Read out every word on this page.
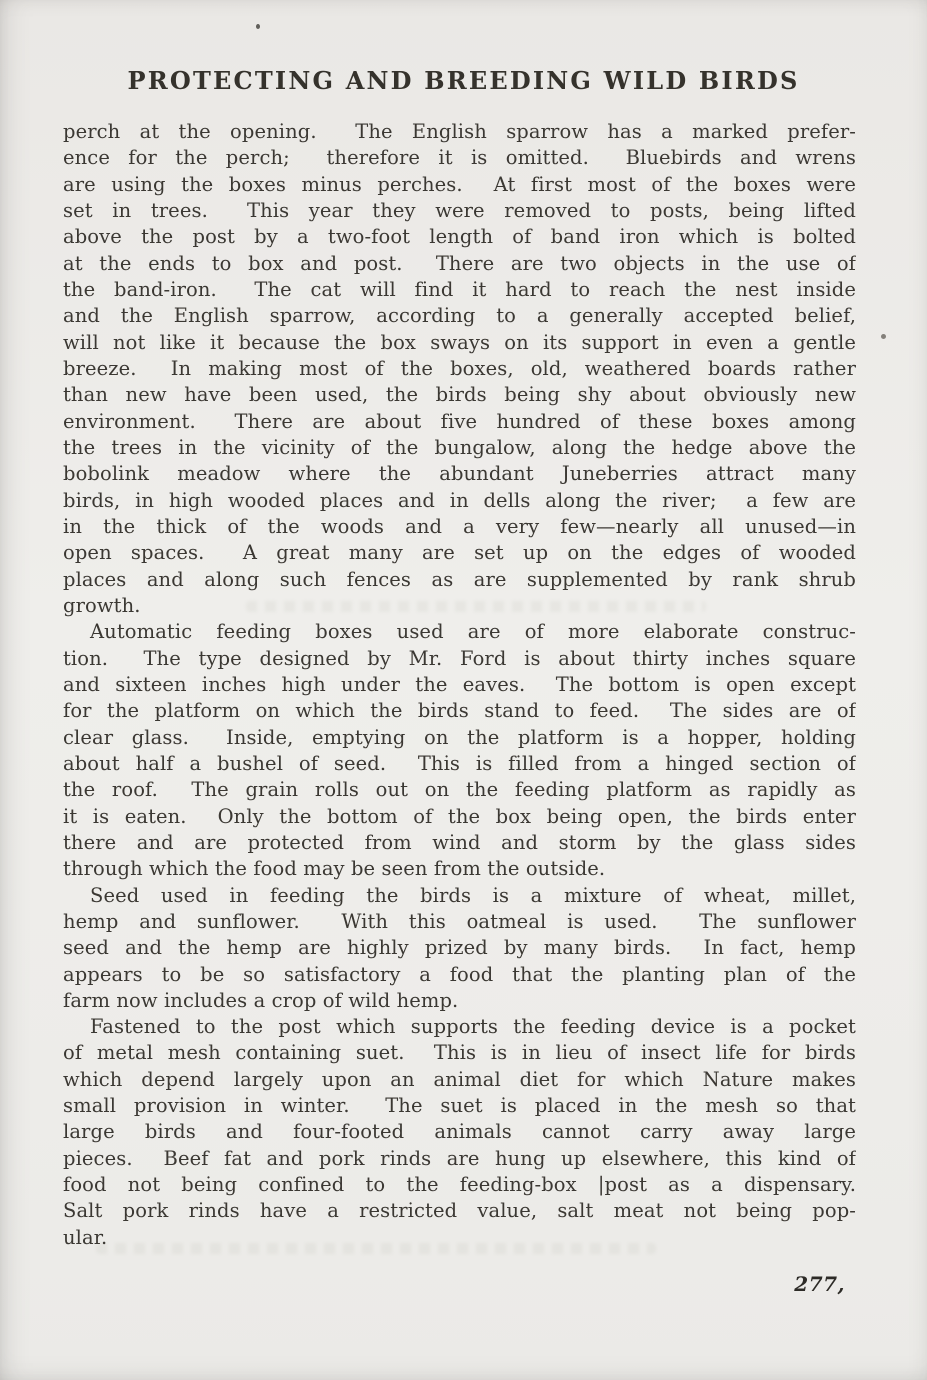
PROTECTING AND BREEDING WILD BIRDS
perch at the opening.  The English sparrow has a marked prefer-
ence for the perch;  therefore it is omitted.  Bluebirds and wrens
are using the boxes minus perches.  At first most of the boxes were
set in trees.  This year they were removed to posts, being lifted
above the post by a two-foot length of band iron which is bolted
at the ends to box and post.  There are two objects in the use of
the band-iron.  The cat will find it hard to reach the nest inside
and the English sparrow, according to a generally accepted belief,
will not like it because the box sways on its support in even a gentle
breeze.  In making most of the boxes, old, weathered boards rather
than new have been used, the birds being shy about obviously new
environment.  There are about five hundred of these boxes among
the trees in the vicinity of the bungalow, along the hedge above the
bobolink meadow where the abundant Juneberries attract many
birds, in high wooded places and in dells along the river;  a few are
in the thick of the woods and a very few—nearly all unused—in
open spaces.  A great many are set up on the edges of wooded
places and along such fences as are supplemented by rank shrub
growth.
Automatic feeding boxes used are of more elaborate construc-
tion.  The type designed by Mr. Ford is about thirty inches square
and sixteen inches high under the eaves.  The bottom is open except
for the platform on which the birds stand to feed.  The sides are of
clear glass.  Inside, emptying on the platform is a hopper, holding
about half a bushel of seed.  This is filled from a hinged section of
the roof.  The grain rolls out on the feeding platform as rapidly as
it is eaten.  Only the bottom of the box being open, the birds enter
there and are protected from wind and storm by the glass sides
through which the food may be seen from the outside.
Seed used in feeding the birds is a mixture of wheat, millet,
hemp and sunflower.  With this oatmeal is used.  The sunflower
seed and the hemp are highly prized by many birds.  In fact, hemp
appears to be so satisfactory a food that the planting plan of the
farm now includes a crop of wild hemp.
Fastened to the post which supports the feeding device is a pocket
of metal mesh containing suet.  This is in lieu of insect life for birds
which depend largely upon an animal diet for which Nature makes
small provision in winter.  The suet is placed in the mesh so that
large birds and four-footed animals cannot carry away large
pieces.  Beef fat and pork rinds are hung up elsewhere, this kind of
food not being confined to the feeding-box |post as a dispensary.
Salt pork rinds have a restricted value, salt meat not being pop-
ular.
277,
